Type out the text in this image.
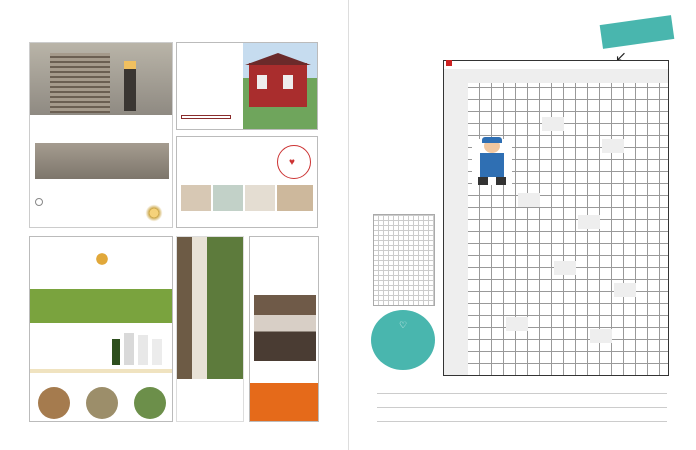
♥
↙
♡
